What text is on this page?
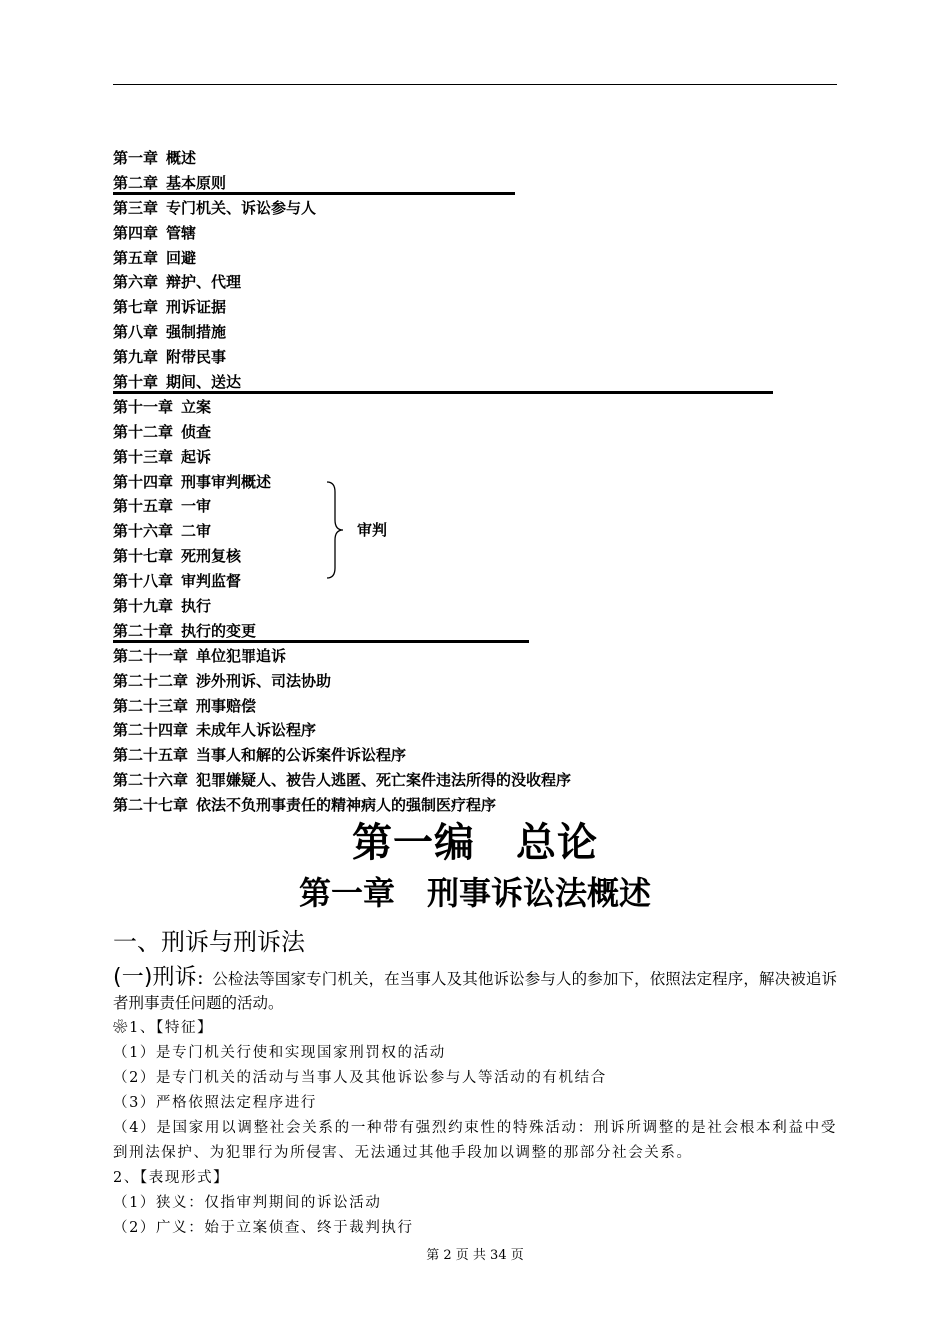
第一章 概述
第二章 基本原则
第三章 专门机关、诉讼参与人
第四章 管辖
第五章 回避
第六章 辩护、代理
第七章 刑诉证据
第八章 强制措施
第九章 附带民事
第十章 期间、送达
第十一章 立案
第十二章 侦查
第十三章 起诉
第十四章 刑事审判概述
第十五章 一审
第十六章 二审
第十七章 死刑复核
第十八章 审判监督
第十九章 执行
第二十章 执行的变更
第二十一章 单位犯罪追诉
第二十二章 涉外刑诉、司法协助
第二十三章 刑事赔偿
第二十四章 未成年人诉讼程序
第二十五章 当事人和解的公诉案件诉讼程序
第二十六章 犯罪嫌疑人、被告人逃匿、死亡案件违法所得的没收程序
第二十七章 依法不负刑事责任的精神病人的强制医疗程序
审判
第一编　总论
第一章　刑事诉讼法概述
一、刑诉与刑诉法
(一)刑诉：公检法等国家专门机关，在当事人及其他诉讼参与人的参加下，依照法定程序，解决被追诉者刑事责任问题的活动。
❀1、【特征】
（1）是专门机关行使和实现国家刑罚权的活动
（2）是专门机关的活动与当事人及其他诉讼参与人等活动的有机结合
（3）严格依照法定程序进行
（4）是国家用以调整社会关系的一种带有强烈约束性的特殊活动：刑诉所调整的是社会根本利益中受到刑法保护、为犯罪行为所侵害、无法通过其他手段加以调整的那部分社会关系。
2、【表现形式】
（1）狭义：仅指审判期间的诉讼活动
（2）广义：始于立案侦查、终于裁判执行
第 2 页 共 34 页
